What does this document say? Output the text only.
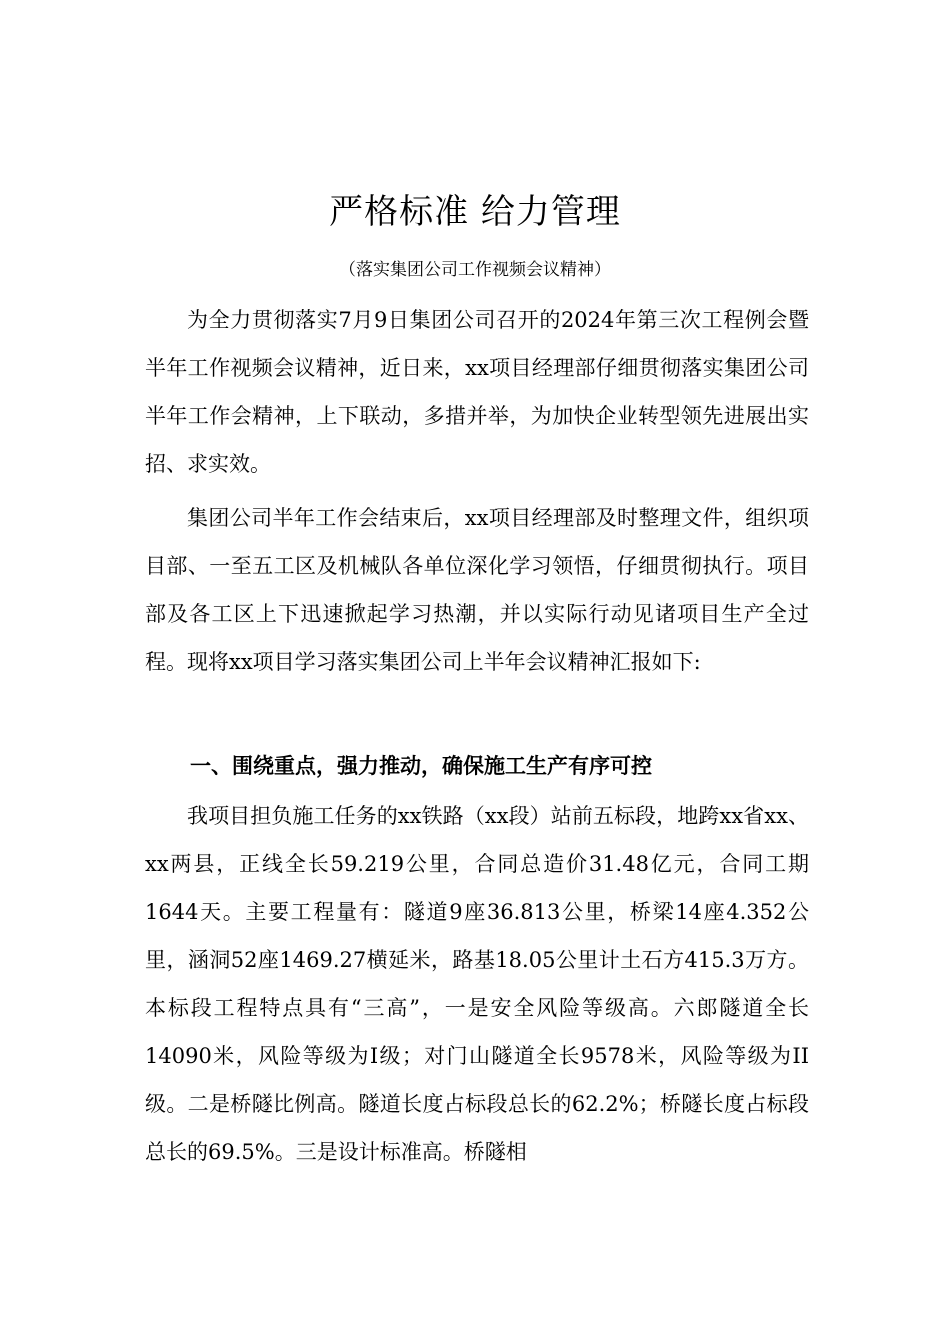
严格标准 给力管理
（落实集团公司工作视频会议精神）

为全力贯彻落实7月9日集团公司召开的2024年第三次工程例会暨半年工作视频会议精神，近日来，xx项目经理部仔细贯彻落实集团公司半年工作会精神，上下联动，多措并举，为加快企业转型领先进展出实招、求实效。

集团公司半年工作会结束后，xx项目经理部及时整理文件，组织项目部、一至五工区及机械队各单位深化学习领悟，仔细贯彻执行。项目部及各工区上下迅速掀起学习热潮，并以实际行动见诸项目生产全过程。现将xx项目学习落实集团公司上半年会议精神汇报如下:

一、围绕重点，强力推动，确保施工生产有序可控

我项目担负施工任务的xx铁路（xx段）站前五标段，地跨xx省xx、xx两县，正线全长59.219公里，合同总造价31.48亿元，合同工期1644天。主要工程量有：隧道9座36.813公里，桥梁14座4.352公里，涵洞52座1469.27横延米，路基18.05公里计土石方415.3万方。本标段工程特点具有“三高”，一是安全风险等级高。六郎隧道全长14090米，风险等级为I级；对门山隧道全长9578米，风险等级为II级。二是桥隧比例高。隧道长度占标段总长的62.2%；桥隧长度占标段总长的69.5%。三是设计标准高。桥隧相
